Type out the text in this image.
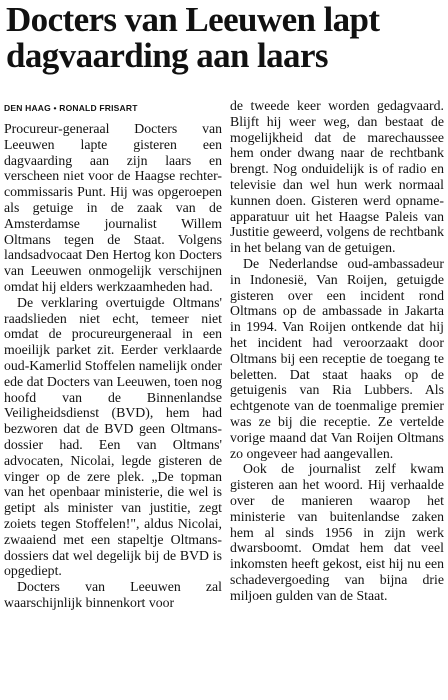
Docters van Leeuwen lapt
dagvaarding aan laars
DEN HAAG • RONALD FRISART

Procureur-generaal Docters van Leeuwen lapte gisteren een dagvaarding aan zijn laars en verscheen niet voor de Haagse rechter-commissaris Punt. Hij was opgeroepen als getuige in de zaak van de Amsterdamse journalist Willem Oltmans tegen de Staat. Volgens landsadvocaat Den Hertog kon Docters van Leeuwen onmogelijk verschijnen omdat hij elders werkzaamheden had.

De verklaring overtuigde Oltmans' raadslieden niet echt, temeer niet omdat de procureurgeneraal in een moeilijk parket zit. Eerder verklaarde oud-Kamerlid Stoffelen namelijk onder ede dat Docters van Leeuwen, toen nog hoofd van de Binnenlandse Veiligheidsdienst (BVD), hem had bezworen dat de BVD geen Oltmans-dossier had. Een van Oltmans' advocaten, Nicolai, legde gisteren de vinger op de zere plek. „De topman van het openbaar ministerie, die wel is getipt als minister van justitie, zegt zoiets tegen Stoffelen!", aldus Nicolai, zwaaiend met een stapeltje Oltmans-dossiers dat wel degelijk bij de BVD is opgediept.

Docters van Leeuwen zal waarschijnlijk binnenkort voor

de tweede keer worden gedagvaard. Blijft hij weer weg, dan bestaat de mogelijkheid dat de marechaussee hem onder dwang naar de rechtbank brengt. Nog onduidelijk is of radio en televisie dan wel hun werk normaal kunnen doen. Gisteren werd opname-apparatuur uit het Haagse Paleis van Justitie geweerd, volgens de rechtbank in het belang van de getuigen.

De Nederlandse oud-ambassadeur in Indonesië, Van Roijen, getuigde gisteren over een incident rond Oltmans op de ambassade in Jakarta in 1994. Van Roijen ontkende dat hij het incident had veroorzaakt door Oltmans bij een receptie de toegang te beletten. Dat staat haaks op de getuigenis van Ria Lubbers. Als echtgenote van de toenmalige premier was ze bij die receptie. Ze vertelde vorige maand dat Van Roijen Oltmans zo ongeveer had aangevallen.

Ook de journalist zelf kwam gisteren aan het woord. Hij verhaalde over de manieren waarop het ministerie van buitenlandse zaken hem al sinds 1956 in zijn werk dwarsboomt. Omdat hem dat veel inkomsten heeft gekost, eist hij nu een schadevergoeding van bijna drie miljoen gulden van de Staat.
